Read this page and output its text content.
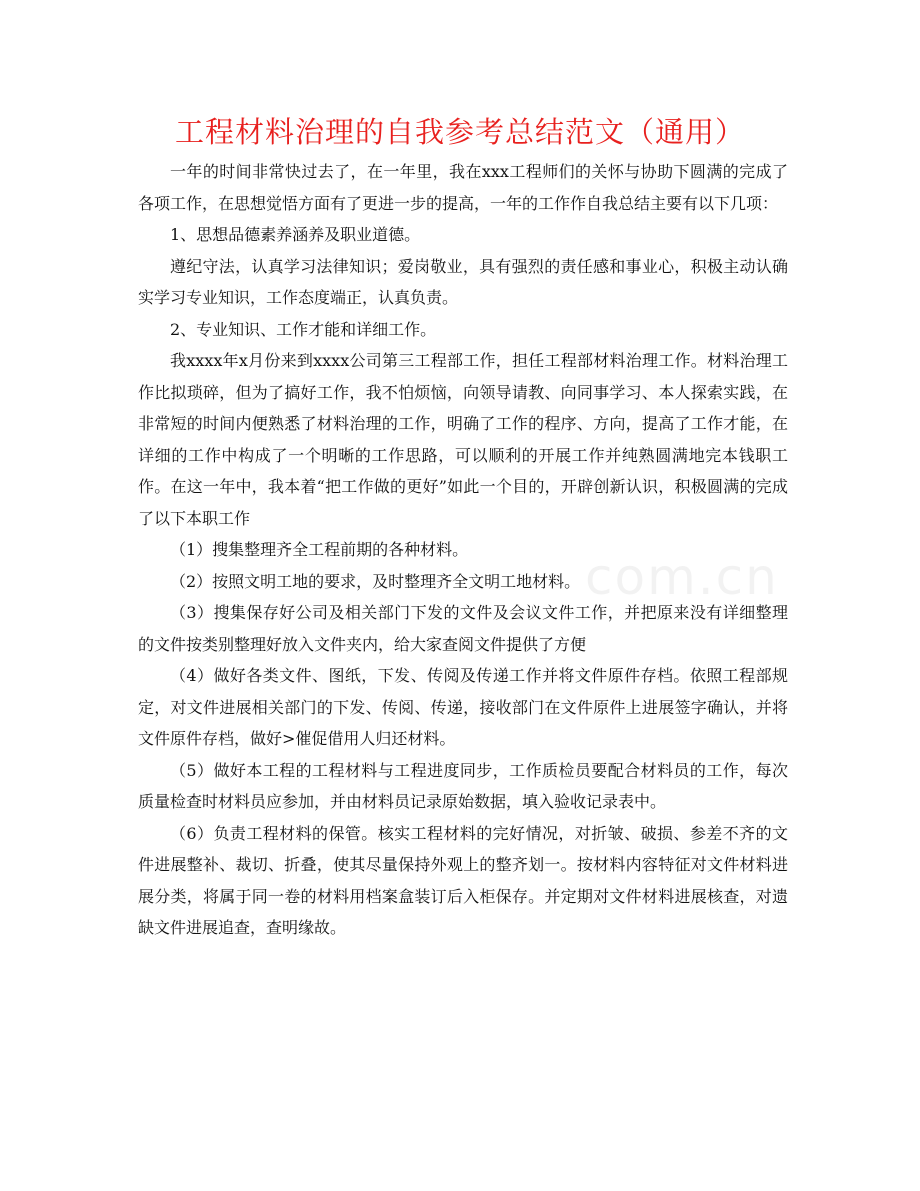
工程材料治理的自我参考总结范文（通用）

一年的时间非常快过去了，在一年里，我在xxx工程师们的关怀与协助下圆满的完成了各项工作，在思想觉悟方面有了更进一步的提高，一年的工作作自我总结主要有以下几项：

1、思想品德素养涵养及职业道德。

遵纪守法，认真学习法律知识；爱岗敬业，具有强烈的责任感和事业心，积极主动认确实学习专业知识，工作态度端正，认真负责。

2、专业知识、工作才能和详细工作。

我xxxx年x月份来到xxxx公司第三工程部工作，担任工程部材料治理工作。材料治理工作比拟琐碎，但为了搞好工作，我不怕烦恼，向领导请教、向同事学习、本人探索实践，在非常短的时间内便熟悉了材料治理的工作，明确了工作的程序、方向，提高了工作才能，在详细的工作中构成了一个明晰的工作思路，可以顺利的开展工作并纯熟圆满地完本钱职工作。在这一年中，我本着“把工作做的更好”如此一个目的，开辟创新认识，积极圆满的完成了以下本职工作

（1）搜集整理齐全工程前期的各种材料。

（2）按照文明工地的要求，及时整理齐全文明工地材料。

（3）搜集保存好公司及相关部门下发的文件及会议文件工作，并把原来没有详细整理的文件按类别整理好放入文件夹内，给大家查阅文件提供了方便

（4）做好各类文件、图纸，下发、传阅及传递工作并将文件原件存档。依照工程部规定，对文件进展相关部门的下发、传阅、传递，接收部门在文件原件上进展签字确认，并将文件原件存档，做好>催促借用人归还材料。

（5）做好本工程的工程材料与工程进度同步，工作质检员要配合材料员的工作，每次质量检查时材料员应参加，并由材料员记录原始数据，填入验收记录表中。

（6）负责工程材料的保管。核实工程材料的完好情况，对折皱、破损、参差不齐的文件进展整补、裁切、折叠，使其尽量保持外观上的整齐划一。按材料内容特征对文件材料进展分类，将属于同一卷的材料用档案盒装订后入柜保存。并定期对文件材料进展核查，对遗缺文件进展追查，查明缘故。

com.cn
